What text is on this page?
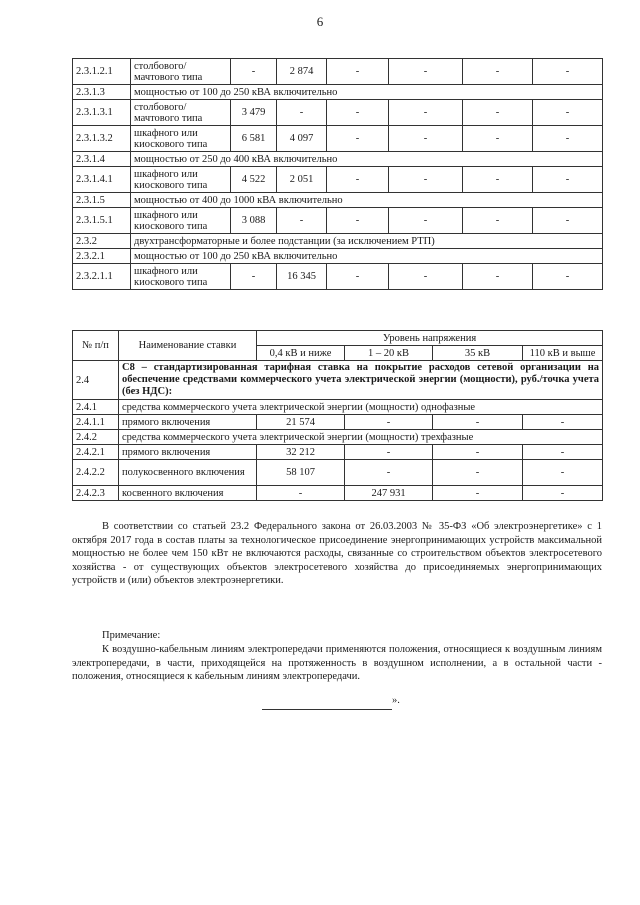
6
2.3.1.2.1	столбового/ мачтового типа	-	2 874	-	-	-	-
2.3.1.3	мощностью от 100 до 250 кВА включительно						
2.3.1.3.1	столбового/ мачтового типа	3 479	-	-	-	-	-
2.3.1.3.2	шкафного или киоскового типа	6 581	4 097	-	-	-	-
2.3.1.4	мощностью от 250 до 400 кВА включительно						
2.3.1.4.1	шкафного или киоскового типа	4 522	2 051	-	-	-	-
2.3.1.5	мощностью от 400 до 1000 кВА включительно						
2.3.1.5.1	шкафного или киоскового типа	3 088	-	-	-	-	-
2.3.2	двухтрансформаторные и более подстанции (за исключением РТП)						
2.3.2.1	мощностью от 100 до 250 кВА включительно						
2.3.2.1.1	шкафного или киоскового типа	-	16 345	-	-	-	-
№ п/п	Наименование ставки	Уровень напряжения			
		0,4 кВ и ниже	1 – 20 кВ	35 кВ	110 кВ и выше
2.4	С8 – стандартизированная тарифная ставка на покрытие расходов сетевой организации на обеспечение средствами коммерческого учета электрической энергии (мощности), руб./точка учета (без НДС):				
2.4.1	средства коммерческого учета электрической энергии (мощности) однофазные				
2.4.1.1	прямого включения	21 574	-	-	-
2.4.2	средства коммерческого учета электрической энергии (мощности) трехфазные				
2.4.2.1	прямого включения	32 212	-	-	-
2.4.2.2	полукосвенного включения	58 107	-	-	-
2.4.2.3	косвенного включения	-	247 931	-	-

В соответствии со статьей 23.2 Федерального закона от 26.03.2003 № 35-ФЗ «Об электроэнергетике» с 1 октября 2017 года в состав платы за технологическое присоединение энергопринимающих устройств максимальной мощностью не более чем 150 кВт не включаются расходы, связанные со строительством объектов электросетевого хозяйства - от существующих объектов электросетевого хозяйства до присоединяемых энергопринимающих устройств и (или) объектов электроэнергетики.

Примечание:

К воздушно-кабельным линиям электропередачи применяются положения, относящиеся к воздушным линиям электропередачи, в части, приходящейся на протяженность в воздушном исполнении, а в остальной части - положения, относящиеся к кабельным линиям электропередачи.

».
